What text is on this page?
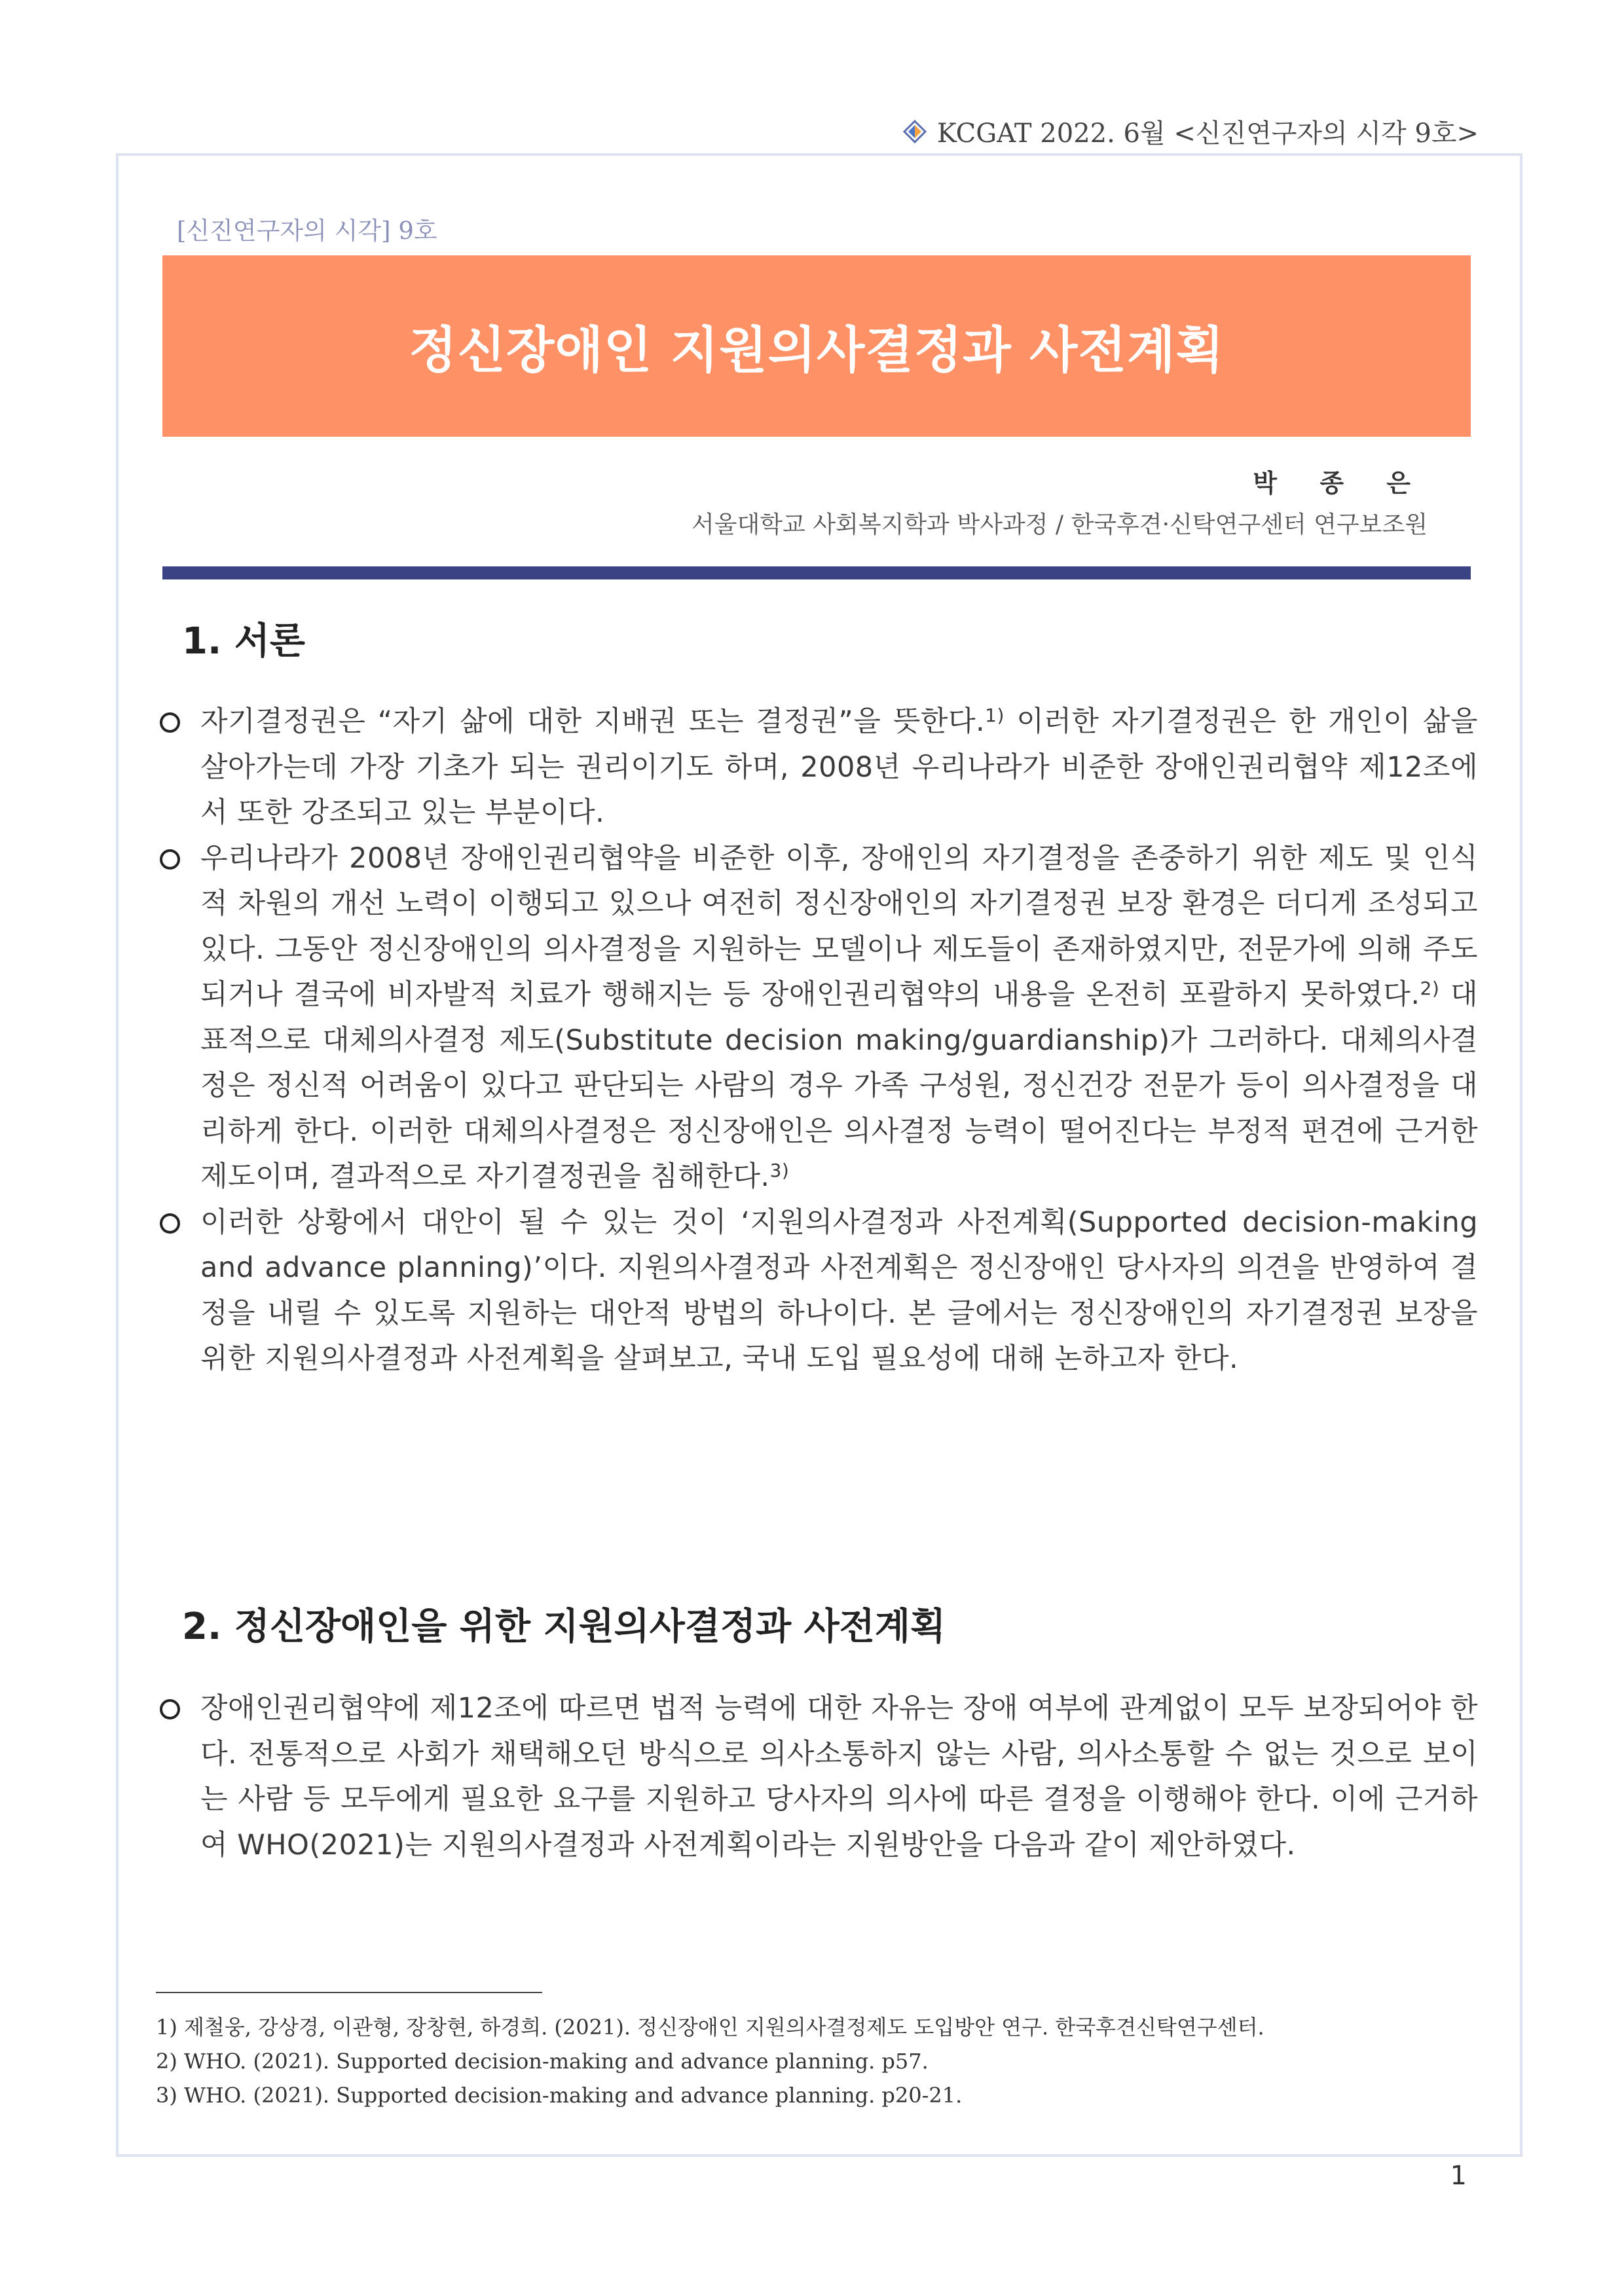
KCGAT 2022. 6월 <신진연구자의 시각 9호>
[신진연구자의 시각] 9호
정신장애인 지원의사결정과 사전계획
박 종 은
서울대학교 사회복지학과 박사과정 / 한국후견·신탁연구센터 연구보조원
1. 서론
자기결정권은 “자기 삶에 대한 지배권 또는 결정권”을 뜻한다.$^{1)}$ 이러한 자기결정권은 한 개인이 삶을 살아가는데 가장 기초가 되는 권리이기도 하며, 2008년 우리나라가 비준한 장애인권리협약 제12조에서 또한 강조되고 있는 부분이다.
우리나라가 2008년 장애인권리협약을 비준한 이후, 장애인의 자기결정을 존중하기 위한 제도 및 인식적 차원의 개선 노력이 이행되고 있으나 여전히 정신장애인의 자기결정권 보장 환경은 더디게 조성되고 있다. 그동안 정신장애인의 의사결정을 지원하는 모델이나 제도들이 존재하였지만, 전문가에 의해 주도되거나 결국에 비자발적 치료가 행해지는 등 장애인권리협약의 내용을 온전히 포괄하지 못하였다.$^{2)}$ 대표적으로 대체의사결정 제도(Substitute decision making/guardianship)가 그러하다. 대체의사결정은 정신적 어려움이 있다고 판단되는 사람의 경우 가족 구성원, 정신건강 전문가 등이 의사결정을 대리하게 한다. 이러한 대체의사결정은 정신장애인은 의사결정 능력이 떨어진다는 부정적 편견에 근거한 제도이며, 결과적으로 자기결정권을 침해한다.$^{3)}$
이러한 상황에서 대안이 될 수 있는 것이 ‘지원의사결정과 사전계획(Supported decision-making and advance planning)’이다. 지원의사결정과 사전계획은 정신장애인 당사자의 의견을 반영하여 결정을 내릴 수 있도록 지원하는 대안적 방법의 하나이다. 본 글에서는 정신장애인의 자기결정권 보장을 위한 지원의사결정과 사전계획을 살펴보고, 국내 도입 필요성에 대해 논하고자 한다.
2. 정신장애인을 위한 지원의사결정과 사전계획
장애인권리협약에 제12조에 따르면 법적 능력에 대한 자유는 장애 여부에 관계없이 모두 보장되어야 한다. 전통적으로 사회가 채택해오던 방식으로 의사소통하지 않는 사람, 의사소통할 수 없는 것으로 보이는 사람 등 모두에게 필요한 요구를 지원하고 당사자의 의사에 따른 결정을 이행해야 한다. 이에 근거하여 WHO(2021)는 지원의사결정과 사전계획이라는 지원방안을 다음과 같이 제안하였다.
1) 제철웅, 강상경, 이관형, 장창현, 하경희. (2021). 정신장애인 지원의사결정제도 도입방안 연구. 한국후견신탁연구센터.
2) WHO. (2021). Supported decision-making and advance planning. p57.
3) WHO. (2021). Supported decision-making and advance planning. p20-21.
1
